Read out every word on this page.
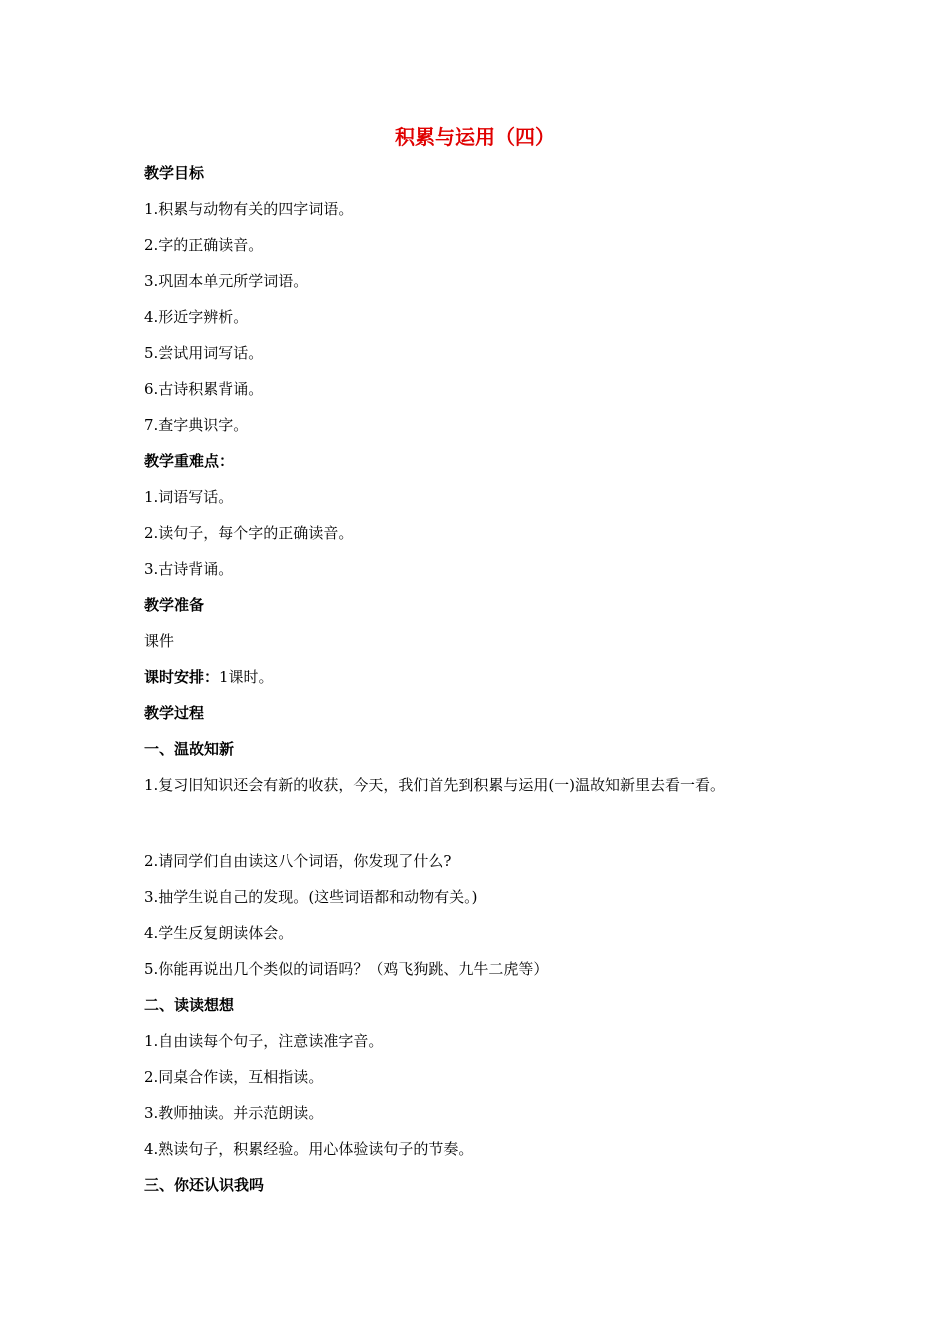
积累与运用（四）

教学目标

1.积累与动物有关的四字词语。

2.字的正确读音。

3.巩固本单元所学词语。

4.形近字辨析。

5.尝试用词写话。

6.古诗积累背诵。

7.查字典识字。

教学重难点：

1.词语写话。

2.读句子，每个字的正确读音。

3.古诗背诵。

教学准备

课件

课时安排：1课时。

教学过程

一、温故知新

1.复习旧知识还会有新的收获，今天，我们首先到积累与运用(一)温故知新里去看一看。

2.请同学们自由读这八个词语，你发现了什么?

3.抽学生说自己的发现。(这些词语都和动物有关。)

4.学生反复朗读体会。

5.你能再说出几个类似的词语吗？（鸡飞狗跳、九牛二虎等）

二、读读想想

1.自由读每个句子，注意读准字音。

2.同桌合作读，互相指读。

3.教师抽读。并示范朗读。

4.熟读句子，积累经验。用心体验读句子的节奏。

三、你还认识我吗
